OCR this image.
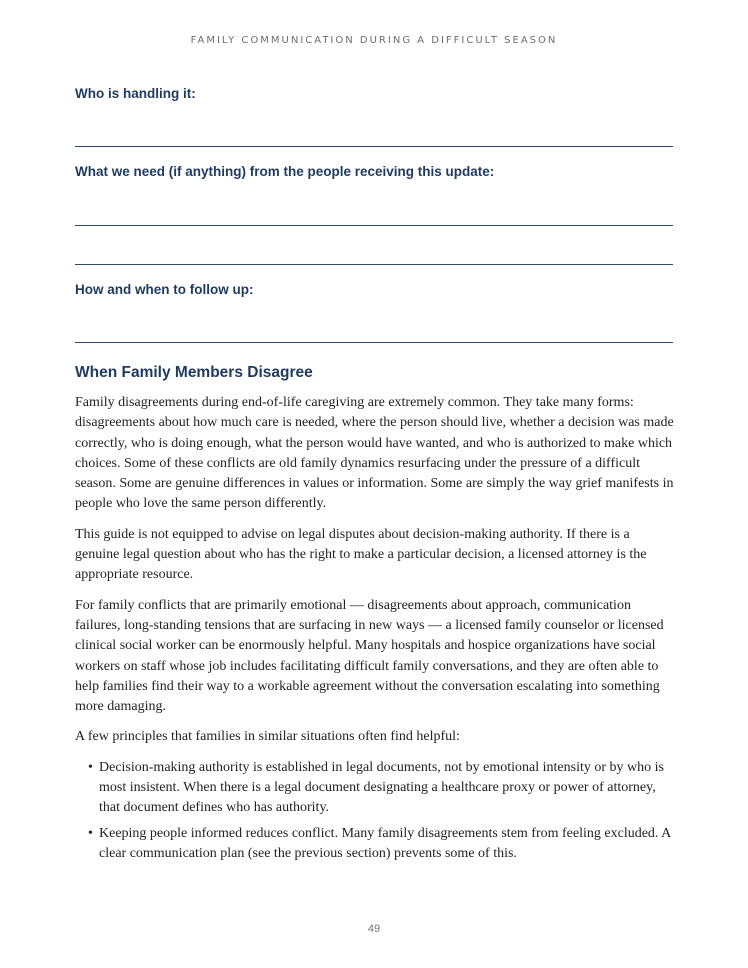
FAMILY COMMUNICATION DURING A DIFFICULT SEASON
Who is handling it:
What we need (if anything) from the people receiving this update:
How and when to follow up:
When Family Members Disagree

Family disagreements during end-of-life caregiving are extremely common. They take many forms: disagreements about how much care is needed, where the person should live, whether a decision was made correctly, who is doing enough, what the person would have wanted, and who is authorized to make which choices. Some of these conflicts are old family dynamics resurfacing under the pressure of a difficult season. Some are genuine differences in values or information. Some are simply the way grief manifests in people who love the same person differently.

This guide is not equipped to advise on legal disputes about decision-making authority. If there is a genuine legal question about who has the right to make a particular decision, a licensed attorney is the appropriate resource.

For family conflicts that are primarily emotional — disagreements about approach, communication failures, long-standing tensions that are surfacing in new ways — a licensed family counselor or licensed clinical social worker can be enormously helpful. Many hospitals and hospice organizations have social workers on staff whose job includes facilitating difficult family conversations, and they are often able to help families find their way to a workable agreement without the conversation escalating into something more damaging.

A few principles that families in similar situations often find helpful:

• Decision-making authority is established in legal documents, not by emotional intensity or by who is most insistent. When there is a legal document designating a healthcare proxy or power of attorney, that document defines who has authority.
• Keeping people informed reduces conflict. Many family disagreements stem from feeling excluded. A clear communication plan (see the previous section) prevents some of this.
49
